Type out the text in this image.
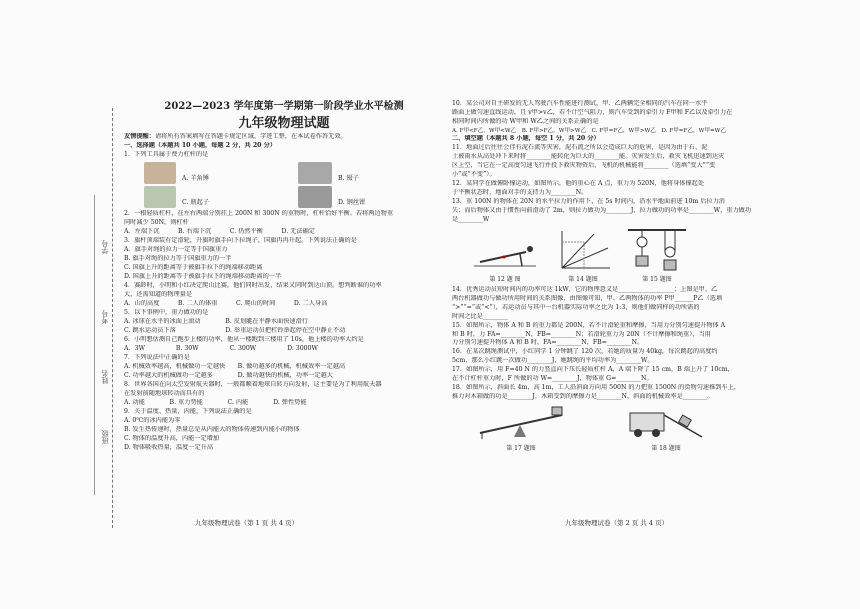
学号
考号
姓名
班级

2022—2023 学年度第一学期第一阶段学业水平检测

九年级物理试题

友情提醒：请将所有答案填写在答题卡规定区域，字迹工整，在本试卷作答无效。

一、选择题（本题共 10 小题，每题 2 分，共 20 分）

1．下列工具属于费力杠杆的是

A. 羊角锤	B. 镊子
C. 瓶起子	D. 钢丝钳

2．一根轻质杠杆，在左右两端分别挂上 200N 和 300N 的重物时，杠杆恰好平衡。若将两边物重

同时减少 50N，则杠杆

A．左端下沉　　　B. 右端下沉　　　C. 仍然平衡　　　D. 无法确定

3．旗杆顶端装有定滑轮，升旗时旗手向下拉绳子，国旗冉冉升起。下列说法正确的是

A．旗手对绳的拉力一定等于国旗重力

B. 旗手对绳的拉力等于国旗重力的一半

C. 国旗上升的距离等于被旗手拉下的绳端移动距离

D. 国旗上升的距离等于被旗手拉下的绳端移动距离的一半

4．赛龄时，小明和小红决定爬山比赛，他们同时出发，结果又同时到达山顶。想判断谁的功率

大，还需知道的物理量是

A．山的高度　　　B. 二人的体重　　　C. 爬山的时间　　　D. 二人身高

5．以下事例中，重力做功的是

A. 冰球在水平的冰面上滚动　　　　B. 皮划艇在平静水面快速滑行

C. 跳水运动员下落　　　　　　　　D. 举重运动员把杠铃举起停在空中静止不动

6．小明想估测自己跑步上楼的功率，他从一楼跑到三楼用了 10s，他上楼的功率大约是

A．3W　　　　　B. 30W　　　　　C. 300W　　　　　D. 3000W

7．下列说法中正确的是

A. 机械效率越高，机械做功一定越快　　B. 做功越多的机械，机械效率一定越高

C. 功率越大的机械做功一定越多　　　　D. 做功越快的机械，功率一定越大

8．世界各国在向太空发射航天器时，一般都顺着地球自转方向发射，这主要是为了利用航天器

在发射前随地球转动而具有的

A. 动能　　　　B. 重力势能　　　　C. 内能　　　　D. 弹性势能

9．关于温度、热量、内能，下列说法正确的是

A. 0℃的冰内能为零

B. 发生热传递时，热量总是从内能大的物体传递到内能小的物体

C. 物体的温度升高，内能一定增加

D. 物体吸收热量，温度一定升高

10．某公司对自主研发的无人驾驶汽车性能进行测试，甲、乙两辆完全相同的汽车在同一水平

路面上做匀速直线运动，且 v甲>v乙，若不计空气阻力，则汽车受到的牵引力 F甲和 F乙以及牵引力在

相同时间内所做的功 W甲和 W乙之间的关系正确的是

A. F甲<F乙，W甲<W乙　B. F甲>F乙，W甲>W乙　C. F甲=F乙，W甲>W乙　D. F甲=F乙，W甲=W乙

二、填空题（本题共 8 小题，每空 1 分，共 20 分）

11．地面过后往往会伴有泥石流等灾害，泥石流之所以会造成巨大的危害，是因为由于石、泥

土被雨水从高处冲下来时将________能转化为巨大的________能。灾害发生后，救灾飞机迅速到达灾

区上空，当它在一定高度匀速飞行并投下救灾物资后，飞机的机械能将________（选填“变大”“变

小”或“不变”）。

12．某同学在做俯卧撑运动，如图所示，他的重心在 A 点，重力为 520N，他将身体撑起处

于平衡状态时，地面对手的支持力为________N。

13．重 100N 的物体在 20N 的水平拉力的作用下，在 5s 时间内，沿水平地面前进 10m 后拉力消

失；而后物体又由于惯性向前滑动了 2m，则拉力做功为________J，拉力做功的功率是________W，重力做功

是________W

第 12 题 图	第 14 题图	第 15 题图

14．优秀运动员短时间内的功率可达 1kW，它的物理意义是__________________；上图是甲、乙

两台机器做功与做功所用时间的关系图像，由图像可知，甲、乙两物体的功率 P甲______P乙（选填

“>”“=”或“<”），若运动员与其中一台机器实际功率之比为 1:3，则他们做同样的功所需的

时间之比是________

15．如图所示，物体 A 和 B 的重力都是 200N，若不计滑轮重和摩擦，当用力分别匀速提升物体 A

和 B 时，力 FA=________N，FB=________N；若滑轮重力为 20N（不计摩擦和绳重），当用

力分别匀速提升物体 A 和 B 时，FA=________N，FB=________N。

16．在某次跳绳测试中，小红同学 1 分钟跳了 120 次，若她的质量为 40kg，每次跳起的高度约

5cm，那么小红跳一次做功________J，她跳绳的平均功率为________W。

17．如图所示，用 F=40 N 的力竖直向下压长轻质杠杆 A，A 端下降了 15 cm，B 端上升了 10cm，

在不计杠杆重力时，F 所做的功 W=________J，物体重 G=________N。

18．如图所示，斜面长 4m，高 1m，工人沿斜面方向用 500N 的力把重 1500N 的货物匀速推到车上，

推力对木箱做的功是________J，木箱受到的摩擦力是________N，斜面的机械效率是________。

第 17 题图	第 18 题图
九年级物理试卷（第 1 页 共 4 页）	九年级物理试卷（第 2 页 共 4 页）
